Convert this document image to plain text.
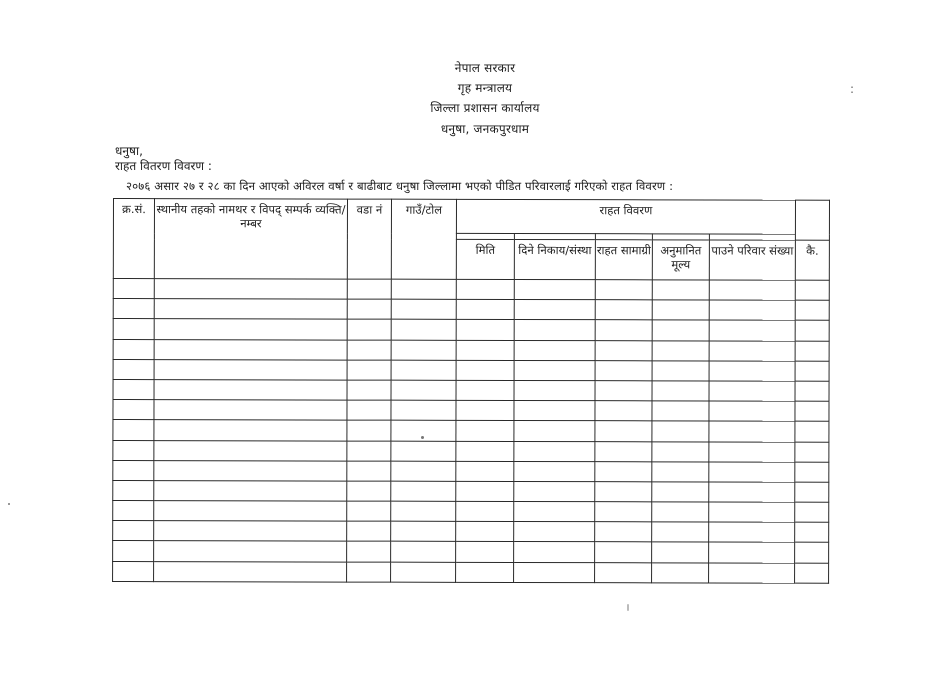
नेपाल सरकार
गृह मन्त्रालय
जिल्ला प्रशासन कार्यालय
धनुषा, जनकपुरधाम
धनुषा,
राहत वितरण विवरण :
२०७६ असार २७ र २८ का दिन आएको अविरल वर्षा र बाढीबाट धनुषा जिल्लामा भएको पीडित परिवारलाई गरिएको राहत विवरण :
क्र.सं.	स्थानीय तहको नामथर र विपद् सम्पर्क व्यक्ति/नम्बर	वडा नं	गाउँ/टोल	राहत विवरण					

				मिति	दिने निकाय/संस्था	राहत सामाग्री	अनुमानित मूल्य	पाउने परिवार संख्या	कै.

:
